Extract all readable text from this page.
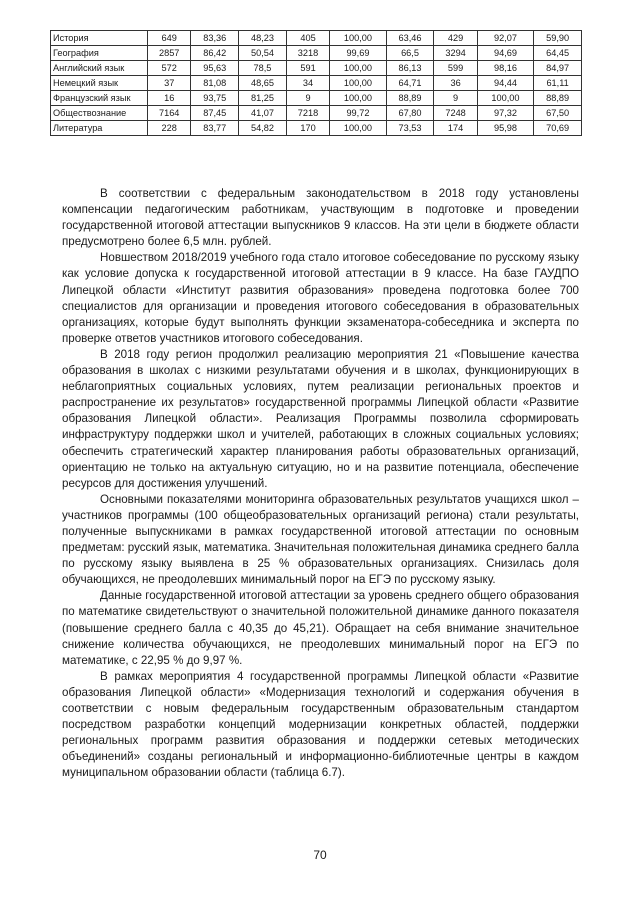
История	649	83,36	48,23	405	100,00	63,46	429	92,07	59,90
География	2857	86,42	50,54	3218	99,69	66,5	3294	94,69	64,45
Английский язык	572	95,63	78,5	591	100,00	86,13	599	98,16	84,97
Немецкий язык	37	81,08	48,65	34	100,00	64,71	36	94,44	61,11
Французский язык	16	93,75	81,25	9	100,00	88,89	9	100,00	88,89
Обществознание	7164	87,45	41,07	7218	99,72	67,80	7248	97,32	67,50
Литература	228	83,77	54,82	170	100,00	73,53	174	95,98	70,69

В соответствии с федеральным законодательством в 2018 году установлены компенсации педагогическим работникам, участвующим в подготовке и проведении государственной итоговой аттестации выпускников 9 классов. На эти цели в бюджете области предусмотрено более 6,5 млн. рублей.

Новшеством 2018/2019 учебного года стало итоговое собеседование по русскому языку как условие допуска к государственной итоговой аттестации в 9 классе. На базе ГАУДПО Липецкой области «Институт развития образования» проведена подготовка более 700 специалистов для организации и проведения итогового собеседования в образовательных организациях, которые будут выполнять функции экзаменатора-собеседника и эксперта по проверке ответов участников итогового собеседования.

В 2018 году регион продолжил реализацию мероприятия 21 «Повышение качества образования в школах с низкими результатами обучения и в школах, функционирующих в неблагоприятных социальных условиях, путем реализации региональных проектов и распространение их результатов» государственной программы Липецкой области «Развитие образования Липецкой области». Реализация Программы позволила сформировать инфраструктуру поддержки школ и учителей, работающих в сложных социальных условиях; обеспечить стратегический характер планирования работы образовательных организаций, ориентацию не только на актуальную ситуацию, но и на развитие потенциала, обеспечение ресурсов для достижения улучшений.

Основными показателями мониторинга образовательных результатов учащихся школ – участников программы (100 общеобразовательных организаций региона) стали результаты, полученные выпускниками в рамках государственной итоговой аттестации по основным предметам: русский язык, математика. Значительная положительная динамика среднего балла по русскому языку выявлена в 25 % образовательных организациях. Снизилась доля обучающихся, не преодолевших минимальный порог на ЕГЭ по русскому языку.

Данные государственной итоговой аттестации за уровень среднего общего образования по математике свидетельствуют о значительной положительной динамике данного показателя (повышение среднего балла с 40,35 до 45,21). Обращает на себя внимание значительное снижение количества обучающихся, не преодолевших минимальный порог на ЕГЭ по математике, с 22,95 % до 9,97 %.

В рамках мероприятия 4 государственной программы Липецкой области «Развитие образования Липецкой области» «Модернизация технологий и содержания обучения в соответствии с новым федеральным государственным образовательным стандартом посредством разработки концепций модернизации конкретных областей, поддержки региональных программ развития образования и поддержки сетевых методических объединений» созданы региональный и информационно-библиотечные центры в каждом муниципальном образовании области (таблица 6.7).

70
